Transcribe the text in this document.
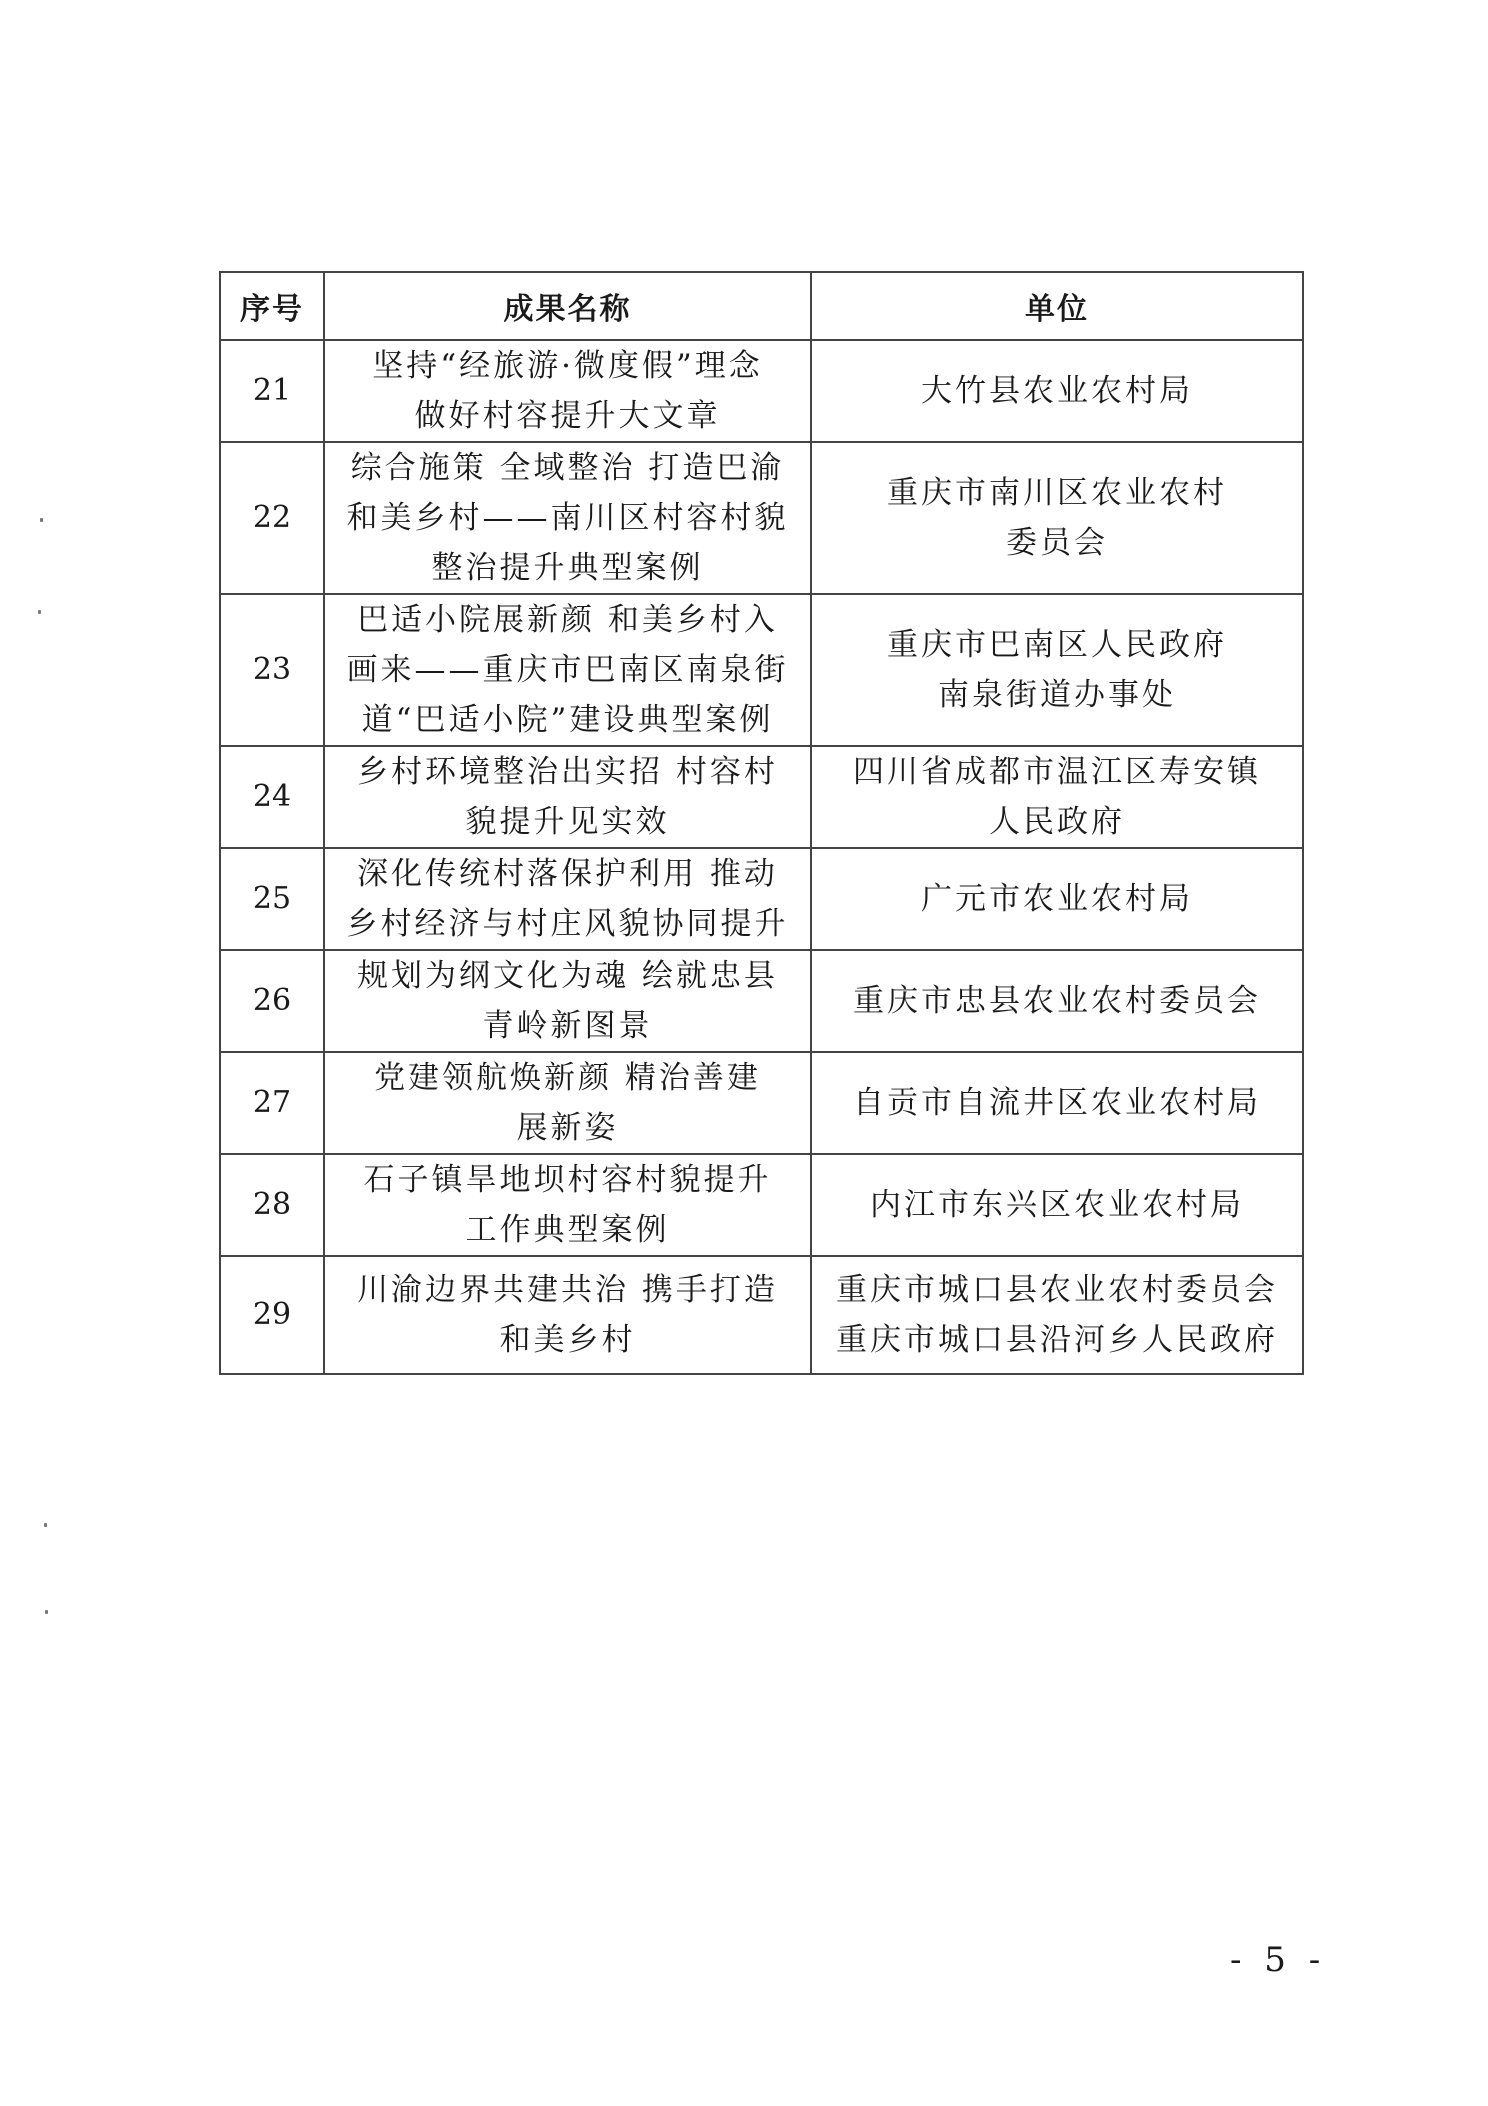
序号	成果名称	单位
21	坚持“经旅游·微度假”理念
做好村容提升大文章	大竹县农业农村局

22	综合施策 全域整治 打造巴渝
和美乡村——南川区村容村貌
整治提升典型案例	重庆市南川区农业农村
委员会

23	巴适小院展新颜 和美乡村入
画来——重庆市巴南区南泉街
道“巴适小院”建设典型案例	重庆市巴南区人民政府
南泉街道办事处

24	乡村环境整治出实招 村容村
貌提升见实效	四川省成都市温江区寿安镇
人民政府

25	深化传统村落保护利用 推动
乡村经济与村庄风貌协同提升	广元市农业农村局

26	规划为纲文化为魂 绘就忠县
青岭新图景	重庆市忠县农业农村委员会

27	党建领航焕新颜 精治善建
展新姿	自贡市自流井区农业农村局

28	石子镇旱地坝村容村貌提升
工作典型案例	内江市东兴区农业农村局

29	川渝边界共建共治 携手打造
和美乡村	重庆市城口县农业农村委员会
重庆市城口县沿河乡人民政府
- 5 -
